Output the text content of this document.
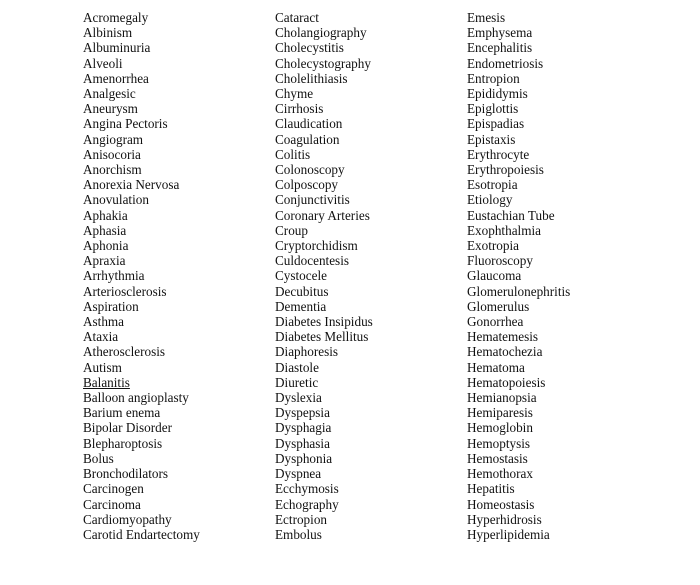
Acromegaly
Albinism
Albuminuria
Alveoli
Amenorrhea
Analgesic
Aneurysm
Angina Pectoris
Angiogram
Anisocoria
Anorchism
Anorexia Nervosa
Anovulation
Aphakia
Aphasia
Aphonia
Apraxia
Arrhythmia
Arteriosclerosis
Aspiration
Asthma
Ataxia
Atherosclerosis
Autism
Balanitis
Balloon angioplasty
Barium enema
Bipolar Disorder
Blepharoptosis
Bolus
Bronchodilators
Carcinogen
Carcinoma
Cardiomyopathy
Carotid Endartectomy
Cataract
Cholangiography
Cholecystitis
Cholecystography
Cholelithiasis
Chyme
Cirrhosis
Claudication
Coagulation
Colitis
Colonoscopy
Colposcopy
Conjunctivitis
Coronary Arteries
Croup
Cryptorchidism
Culdocentesis
Cystocele
Decubitus
Dementia
Diabetes Insipidus
Diabetes Mellitus
Diaphoresis
Diastole
Diuretic
Dyslexia
Dyspepsia
Dysphagia
Dysphasia
Dysphonia
Dyspnea
Ecchymosis
Echography
Ectropion
Embolus
Emesis
Emphysema
Encephalitis
Endometriosis
Entropion
Epididymis
Epiglottis
Epispadias
Epistaxis
Erythrocyte
Erythropoiesis
Esotropia
Etiology
Eustachian Tube
Exophthalmia
Exotropia
Fluoroscopy
Glaucoma
Glomerulonephritis
Glomerulus
Gonorrhea
Hematemesis
Hematochezia
Hematoma
Hematopoiesis
Hemianopsia
Hemiparesis
Hemoglobin
Hemoptysis
Hemostasis
Hemothorax
Hepatitis
Homeostasis
Hyperhidrosis
Hyperlipidemia
